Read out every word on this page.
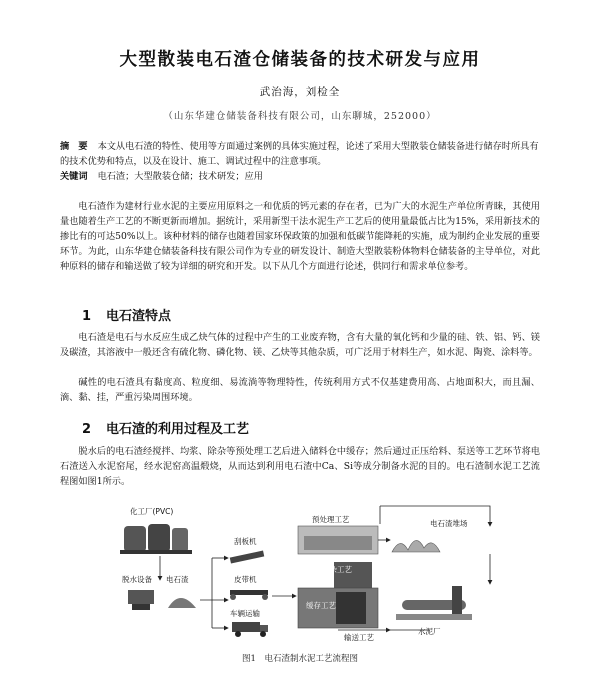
大型散装电石渣仓储装备的技术研发与应用
武治海，刘检全
（山东华建仓储装备科技有限公司，山东聊城，252000）
摘　要 本文从电石渣的特性、使用等方面通过案例的具体实施过程，论述了采用大型散装仓储装备进行储存时所具有的技术优势和特点，以及在设计、施工、调试过程中的注意事项。
关键词 电石渣；大型散装仓储；技术研发；应用
电石渣作为建材行业水泥的主要应用原料之一和优质的钙元素的存在者，已为广大的水泥生产单位所青睐，其使用量也随着生产工艺的不断更新而增加。据统计，采用新型干法水泥生产工艺后的使用量最低占比为15%，采用新技术的掺比有的可达50%以上。该种材料的储存也随着国家环保政策的加强和低碳节能降耗的实施，成为制约企业发展的重要环节。为此，山东华建仓储装备科技有限公司作为专业的研发设计、制造大型散装粉体物料仓储装备的主导单位，对此种原料的储存和输送做了较为详细的研究和开发。以下从几个方面进行论述，供同行和需求单位参考。
1 电石渣特点
电石渣是电石与水反应生成乙炔气体的过程中产生的工业废弃物，含有大量的氧化钙和少量的硅、铁、铝、钙、镁及碳渣，其溶液中一般还含有硫化物、磷化物、镁、乙炔等其他杂质，可广泛用于材料生产，如水泥、陶瓷、涂料等。
碱性的电石渣具有黏度高、粒度细、易流淌等物理特性，传统利用方式不仅基建费用高、占地面积大，而且漏、滴、黏、挂，严重污染周围环境。
2 电石渣的利用过程及工艺
脱水后的电石渣经搅拌、均浆、除杂等预处理工艺后进入储料仓中缓存；然后通过正压给料、泵送等工艺环节将电石渣送入水泥窑尾，经水泥窑高温煅烧，从而达到利用电石渣中Ca、Si等成分制备水泥的目的。电石渣制水泥工艺流程图如图1所示。
化工厂(PVC)
脱水设备 电石渣
刮板机
皮带机
车辆运输
预处理工艺
除杂工艺
缓存工艺
输送工艺
电石渣堆场
水泥厂
图1　电石渣制水泥工艺流程图
